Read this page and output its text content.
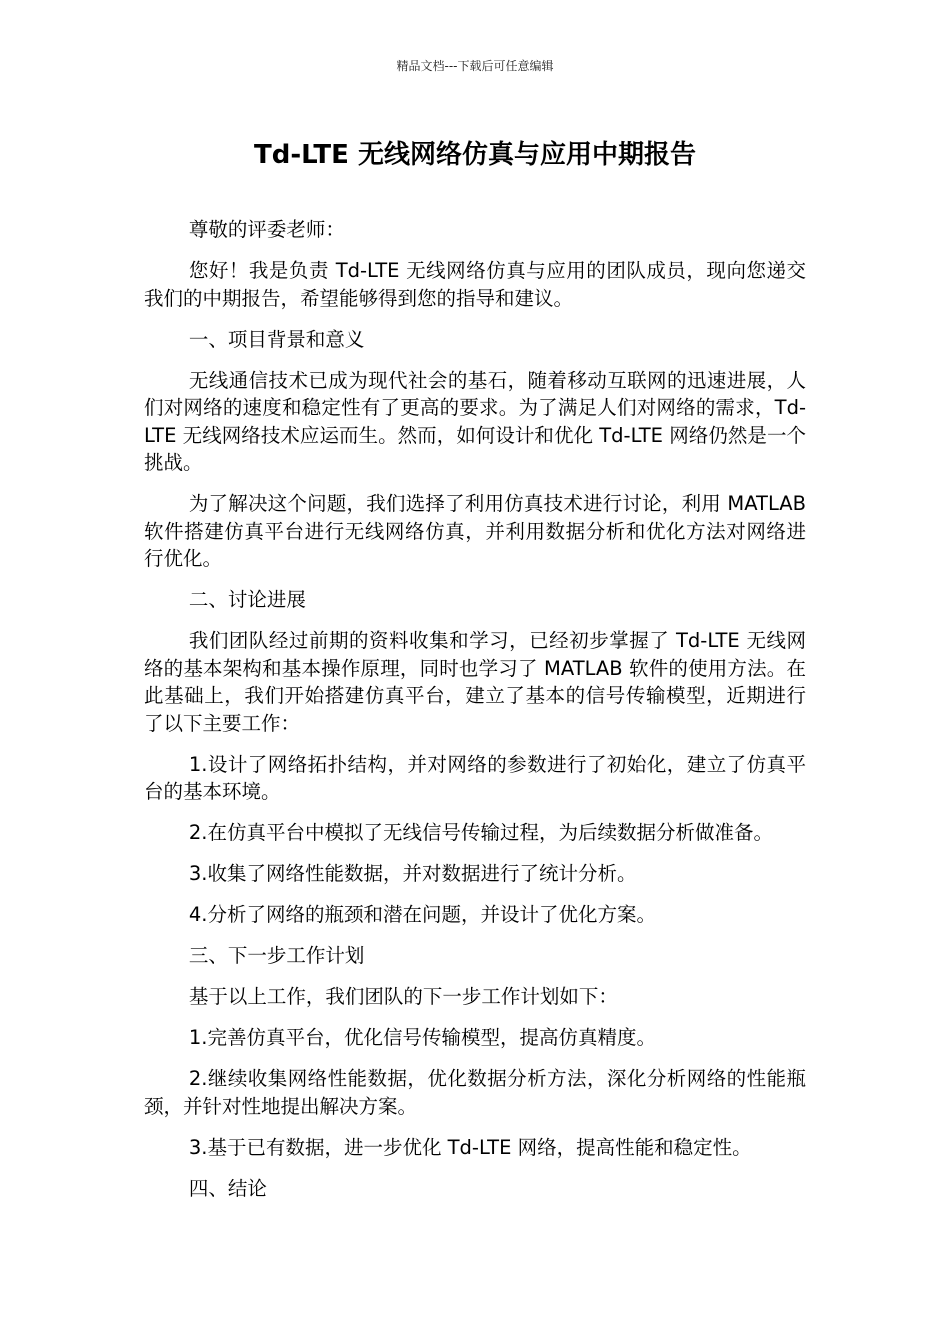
精品文档---下载后可任意编辑
Td-LTE 无线网络仿真与应用中期报告

尊敬的评委老师：

您好！我是负责 Td-LTE 无线网络仿真与应用的团队成员，现向您递交我们的中期报告，希望能够得到您的指导和建议。

一、项目背景和意义

无线通信技术已成为现代社会的基石，随着移动互联网的迅速进展，人们对网络的速度和稳定性有了更高的要求。为了满足人们对网络的需求，Td-LTE 无线网络技术应运而生。然而，如何设计和优化 Td-LTE 网络仍然是一个挑战。

为了解决这个问题，我们选择了利用仿真技术进行讨论，利用 MATLAB 软件搭建仿真平台进行无线网络仿真，并利用数据分析和优化方法对网络进行优化。

二、讨论进展

我们团队经过前期的资料收集和学习，已经初步掌握了 Td-LTE 无线网络的基本架构和基本操作原理，同时也学习了 MATLAB 软件的使用方法。在此基础上，我们开始搭建仿真平台，建立了基本的信号传输模型，近期进行了以下主要工作：

1.设计了网络拓扑结构，并对网络的参数进行了初始化，建立了仿真平台的基本环境。

2.在仿真平台中模拟了无线信号传输过程，为后续数据分析做准备。

3.收集了网络性能数据，并对数据进行了统计分析。

4.分析了网络的瓶颈和潜在问题，并设计了优化方案。

三、下一步工作计划

基于以上工作，我们团队的下一步工作计划如下：

1.完善仿真平台，优化信号传输模型，提高仿真精度。

2.继续收集网络性能数据，优化数据分析方法，深化分析网络的性能瓶颈，并针对性地提出解决方案。

3.基于已有数据，进一步优化 Td-LTE 网络，提高性能和稳定性。

四、结论
